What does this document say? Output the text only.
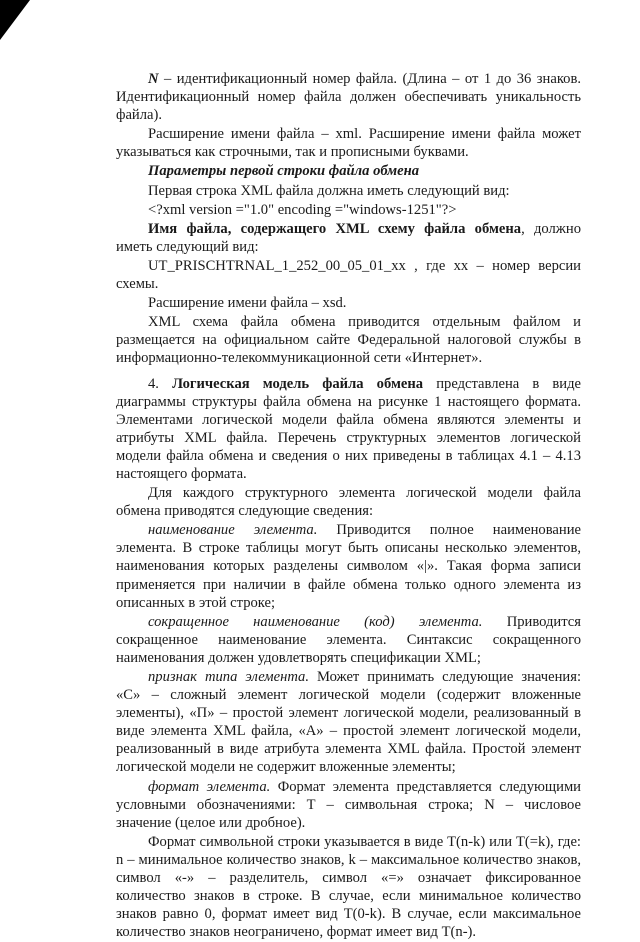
N – идентификационный номер файла. (Длина – от 1 до 36 знаков. Идентификационный номер файла должен обеспечивать уникальность файла).

Расширение имени файла – xml. Расширение имени файла может указываться как строчными, так и прописными буквами.

Параметры первой строки файла обмена

Первая строка XML файла должна иметь следующий вид:

<?xml version ="1.0" encoding ="windows-1251"?>

Имя файла, содержащего XML схему файла обмена, должно иметь следующий вид:

UT_PRISCHTRNAL_1_252_00_05_01_xx , где хх – номер версии схемы.

Расширение имени файла – xsd.

XML схема файла обмена приводится отдельным файлом и размещается на официальном сайте Федеральной налоговой службы в информационно-телекоммуникационной сети «Интернет».

4. Логическая модель файла обмена представлена в виде диаграммы структуры файла обмена на рисунке 1 настоящего формата. Элементами логической модели файла обмена являются элементы и атрибуты XML файла. Перечень структурных элементов логической модели файла обмена и сведения о них приведены в таблицах 4.1 – 4.13 настоящего формата.

Для каждого структурного элемента логической модели файла обмена приводятся следующие сведения:

наименование элемента. Приводится полное наименование элемента. В строке таблицы могут быть описаны несколько элементов, наименования которых разделены символом «|». Такая форма записи применяется при наличии в файле обмена только одного элемента из описанных в этой строке;

сокращенное наименование (код) элемента. Приводится сокращенное наименование элемента. Синтаксис сокращенного наименования должен удовлетворять спецификации XML;

признак типа элемента. Может принимать следующие значения: «С» – сложный элемент логической модели (содержит вложенные элементы), «П» – простой элемент логической модели, реализованный в виде элемента XML файла, «А» – простой элемент логической модели, реализованный в виде атрибута элемента XML файла. Простой элемент логической модели не содержит вложенные элементы;

формат элемента. Формат элемента представляется следующими условными обозначениями: Т – символьная строка; N – числовое значение (целое или дробное).

Формат символьной строки указывается в виде Т(n-k) или Т(=k), где: n – минимальное количество знаков, k – максимальное количество знаков, символ «-» – разделитель, символ «=» означает фиксированное количество знаков в строке. В случае, если минимальное количество знаков равно 0, формат имеет вид Т(0-k). В случае, если максимальное количество знаков неограничено, формат имеет вид Т(n-).
